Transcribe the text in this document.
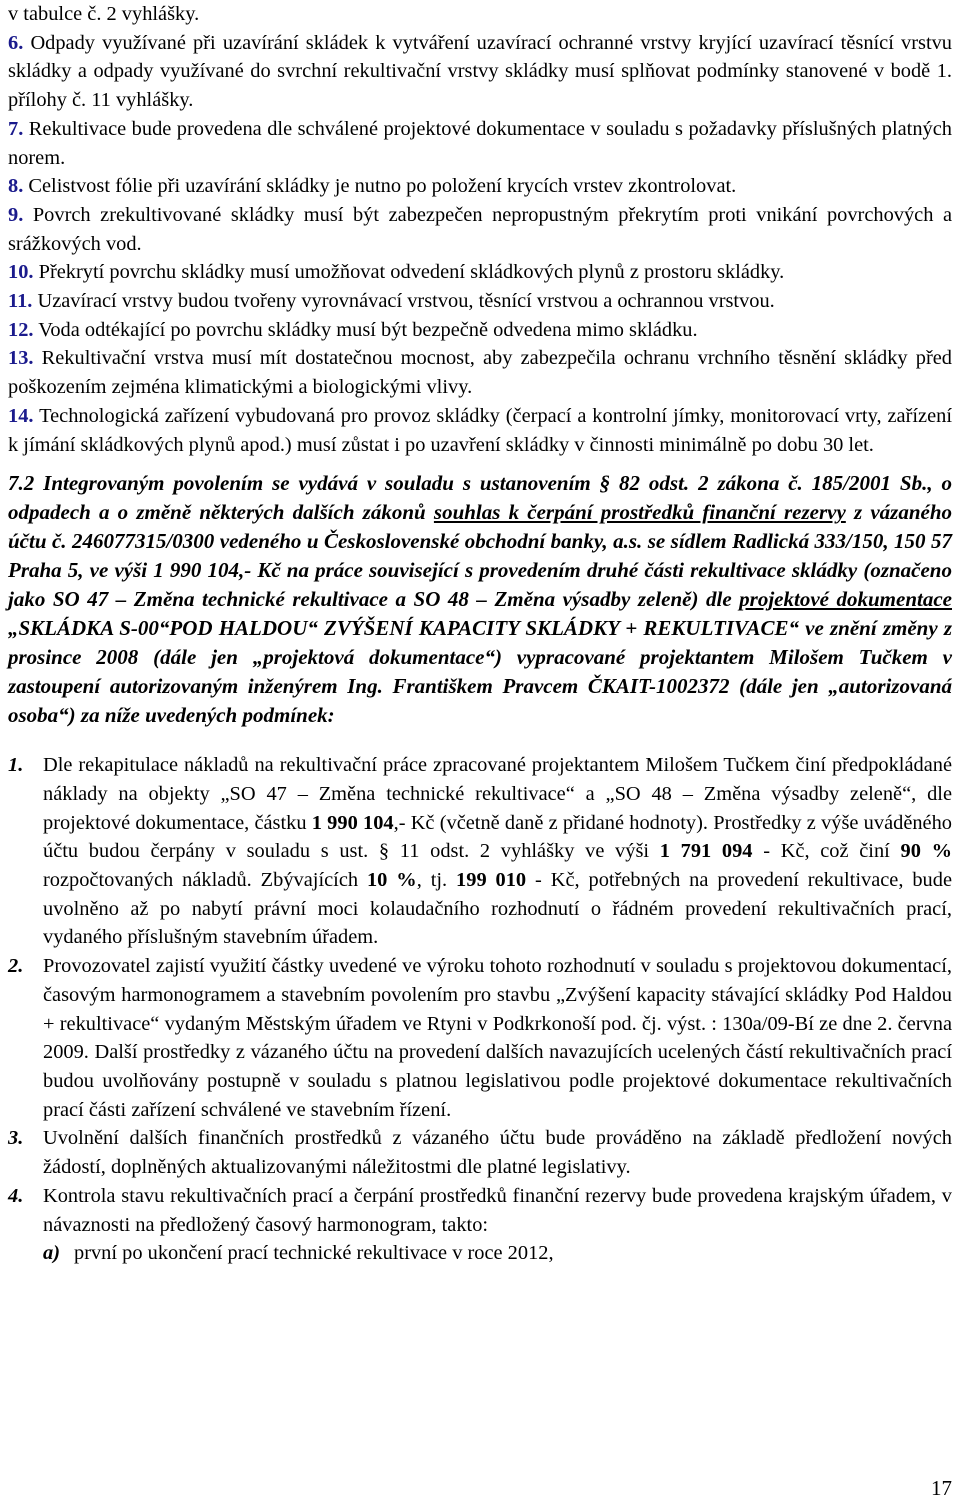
v tabulce č. 2 vyhlášky.

6. Odpady využívané při uzavírání skládek k vytváření uzavírací ochranné vrstvy kryjící uzavírací těsnící vrstvu skládky a odpady využívané do svrchní rekultivační vrstvy skládky musí splňovat podmínky stanovené v bodě 1. přílohy č. 11 vyhlášky.

7. Rekultivace bude provedena dle schválené projektové dokumentace v souladu s požadavky příslušných platných norem.

8. Celistvost fólie při uzavírání skládky je nutno po položení krycích vrstev zkontrolovat.

9. Povrch zrekultivované skládky musí být zabezpečen nepropustným překrytím proti vnikání povrchových a srážkových vod.

10. Překrytí povrchu skládky musí umožňovat odvedení skládkových plynů z prostoru skládky.

11. Uzavírací vrstvy budou tvořeny vyrovnávací vrstvou, těsnící vrstvou a ochrannou vrstvou.

12. Voda odtékající po povrchu skládky musí být bezpečně odvedena mimo skládku.

13. Rekultivační vrstva musí mít dostatečnou mocnost, aby zabezpečila ochranu vrchního těsnění skládky před poškozením zejména klimatickými a biologickými vlivy.

14. Technologická zařízení vybudovaná pro provoz skládky (čerpací a kontrolní jímky, monitorovací vrty, zařízení k jímání skládkových plynů apod.) musí zůstat i po uzavření skládky v činnosti minimálně po dobu 30 let.

7.2 Integrovaným povolením se vydává v souladu s ustanovením § 82 odst. 2 zákona č. 185/2001 Sb., o odpadech a o změně některých dalších zákonů souhlas k čerpání prostředků finanční rezervy z vázaného účtu č. 246077315/0300 vedeného u Československé obchodní banky, a.s. se sídlem Radlická 333/150, 150 57 Praha 5, ve výši 1 990 104,- Kč na práce související s provedením druhé části rekultivace skládky (označeno jako SO 47 – Změna technické rekultivace a SO 48 – Změna výsadby zeleně) dle projektové dokumentace „SKLÁDKA S-00“POD HALDOU“ ZVÝŠENÍ KAPACITY SKLÁDKY + REKULTIVACE“ ve znění změny z prosince 2008 (dále jen „projektová dokumentace“) vypracované projektantem Milošem Tučkem v zastoupení autorizovaným inženýrem Ing. Františkem Pravcem ČKAIT-1002372 (dále jen „autorizovaná osoba“) za níže uvedených podmínek:

1. Dle rekapitulace nákladů na rekultivační práce zpracované projektantem Milošem Tučkem činí předpokládané náklady na objekty „SO 47 – Změna technické rekultivace“ a „SO 48 – Změna výsadby zeleně“, dle projektové dokumentace, částku 1 990 104,- Kč (včetně daně z přidané hodnoty). Prostředky z výše uváděného účtu budou čerpány v souladu s ust. § 11 odst. 2 vyhlášky ve výši 1 791 094 - Kč, což činí 90 % rozpočtovaných nákladů. Zbývajících 10 %, tj. 199 010 - Kč, potřebných na provedení rekultivace, bude uvolněno až po nabytí právní moci kolaudačního rozhodnutí o řádném provedení rekultivačních prací, vydaného příslušným stavebním úřadem.

2. Provozovatel zajistí využití částky uvedené ve výroku tohoto rozhodnutí v souladu s projektovou dokumentací, časovým harmonogramem a stavebním povolením pro stavbu „Zvýšení kapacity stávající skládky Pod Haldou + rekultivace“ vydaným Městským úřadem ve Rtyni v Podkrkonoší pod. čj. výst. : 130a/09-Bí ze dne 2. června 2009. Další prostředky z vázaného účtu na provedení dalších navazujících ucelených částí rekultivačních prací budou uvolňovány postupně v souladu s platnou legislativou podle projektové dokumentace rekultivačních prací části zařízení schválené ve stavebním řízení.

3. Uvolnění dalších finančních prostředků z vázaného účtu bude prováděno na základě předložení nových žádostí, doplněných aktualizovanými náležitostmi dle platné legislativy.

4. Kontrola stavu rekultivačních prací a čerpání prostředků finanční rezervy bude provedena krajským úřadem, v návaznosti na předložený časový harmonogram, takto:

a) první po ukončení prací technické rekultivace v roce 2012,

17
